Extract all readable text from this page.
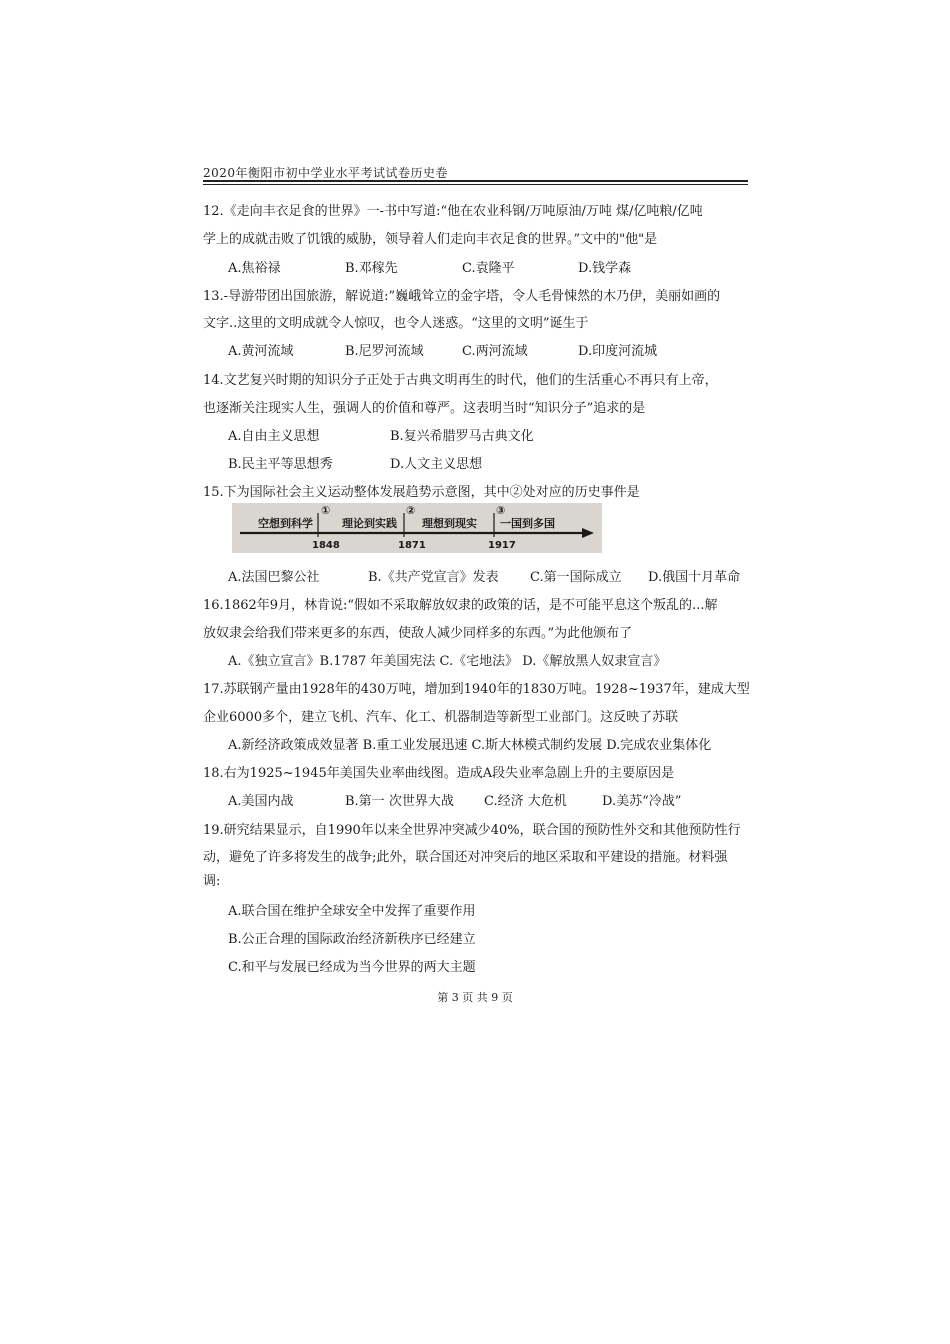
2020年衡阳市初中学业水平考试试卷历史卷
12.《走向丰衣足食的世界》一-书中写道:“他在农业科钢/万吨原油/万吨 煤/亿吨粮/亿吨
学上的成就击败了饥饿的威胁，领导着人们走向丰衣足食的世界。”文中的"他"是
A.焦裕禄	B.邓稼先	C.袁隆平	D.钱学森
13.-导游带团出国旅游，解说道:”巍峨耸立的金字塔，令人毛骨悚然的木乃伊，美丽如画的
文字..这里的文明成就令人惊叹，也令人迷惑。“这里的文明”诞生于
A.黄河流域	B.尼罗河流域	C.两河流域	D.印度河流城
14.文艺复兴时期的知识分子正处于古典文明再生的时代，他们的生活重心不再只有上帝，
也逐渐关注现实人生，强调人的价值和尊严。这表明当时“知识分子”追求的是
A.自由主义思想	B.复兴希腊罗马古典文化
B.民主平等思想秀	D.人文主义思想
15.下为国际社会主义运动整体发展趋势示意图，其中②处对应的历史事件是
空想到科学	理论到实践 理想到现实 一国到多国
①	②	③
1848	1871	1917
A.法国巴黎公社	B.《共产党宣言》发表 C.第一国际成立 D.俄国十月革命
16.1862年9月，林肯说:“假如不采取解放奴隶的政策的话，是不可能平息这个叛乱的...解
放奴隶会给我们带来更多的东西，使敌人减少同样多的东西。”为此他颁布了
A.《独立宣言》B.1787 年美国宪法 C.《宅地法》 D.《解放黑人奴隶宣言》
17.苏联钢产量由1928年的430万吨，增加到1940年的1830万吨。1928~1937年，建成大型
企业6000多个，建立飞机、汽车、化工、机器制造等新型工业部门。这反映了苏联
A.新经济政策成效显著 B.重工业发展迅速 C.斯大林模式制约发展 D.完成农业集体化
18.右为1925~1945年美国失业率曲线图。造成A段失业率急剧上升的主要原因是
A.美国内战	B.第一 次世界大战 C.经济 大危机	D.美苏“冷战”
19.研究结果显示，自1990年以来全世界冲突减少40%，联合国的预防性外交和其他预防性行
动，避免了许多将发生的战争;此外，联合国还对冲突后的地区采取和平建设的措施。材料强
调:
A.联合国在维护全球安全中发挥了重要作用
B.公正合理的国际政治经济新秩序已经建立
C.和平与发展已经成为当今世界的两大主题
第 3 页 共 9 页
